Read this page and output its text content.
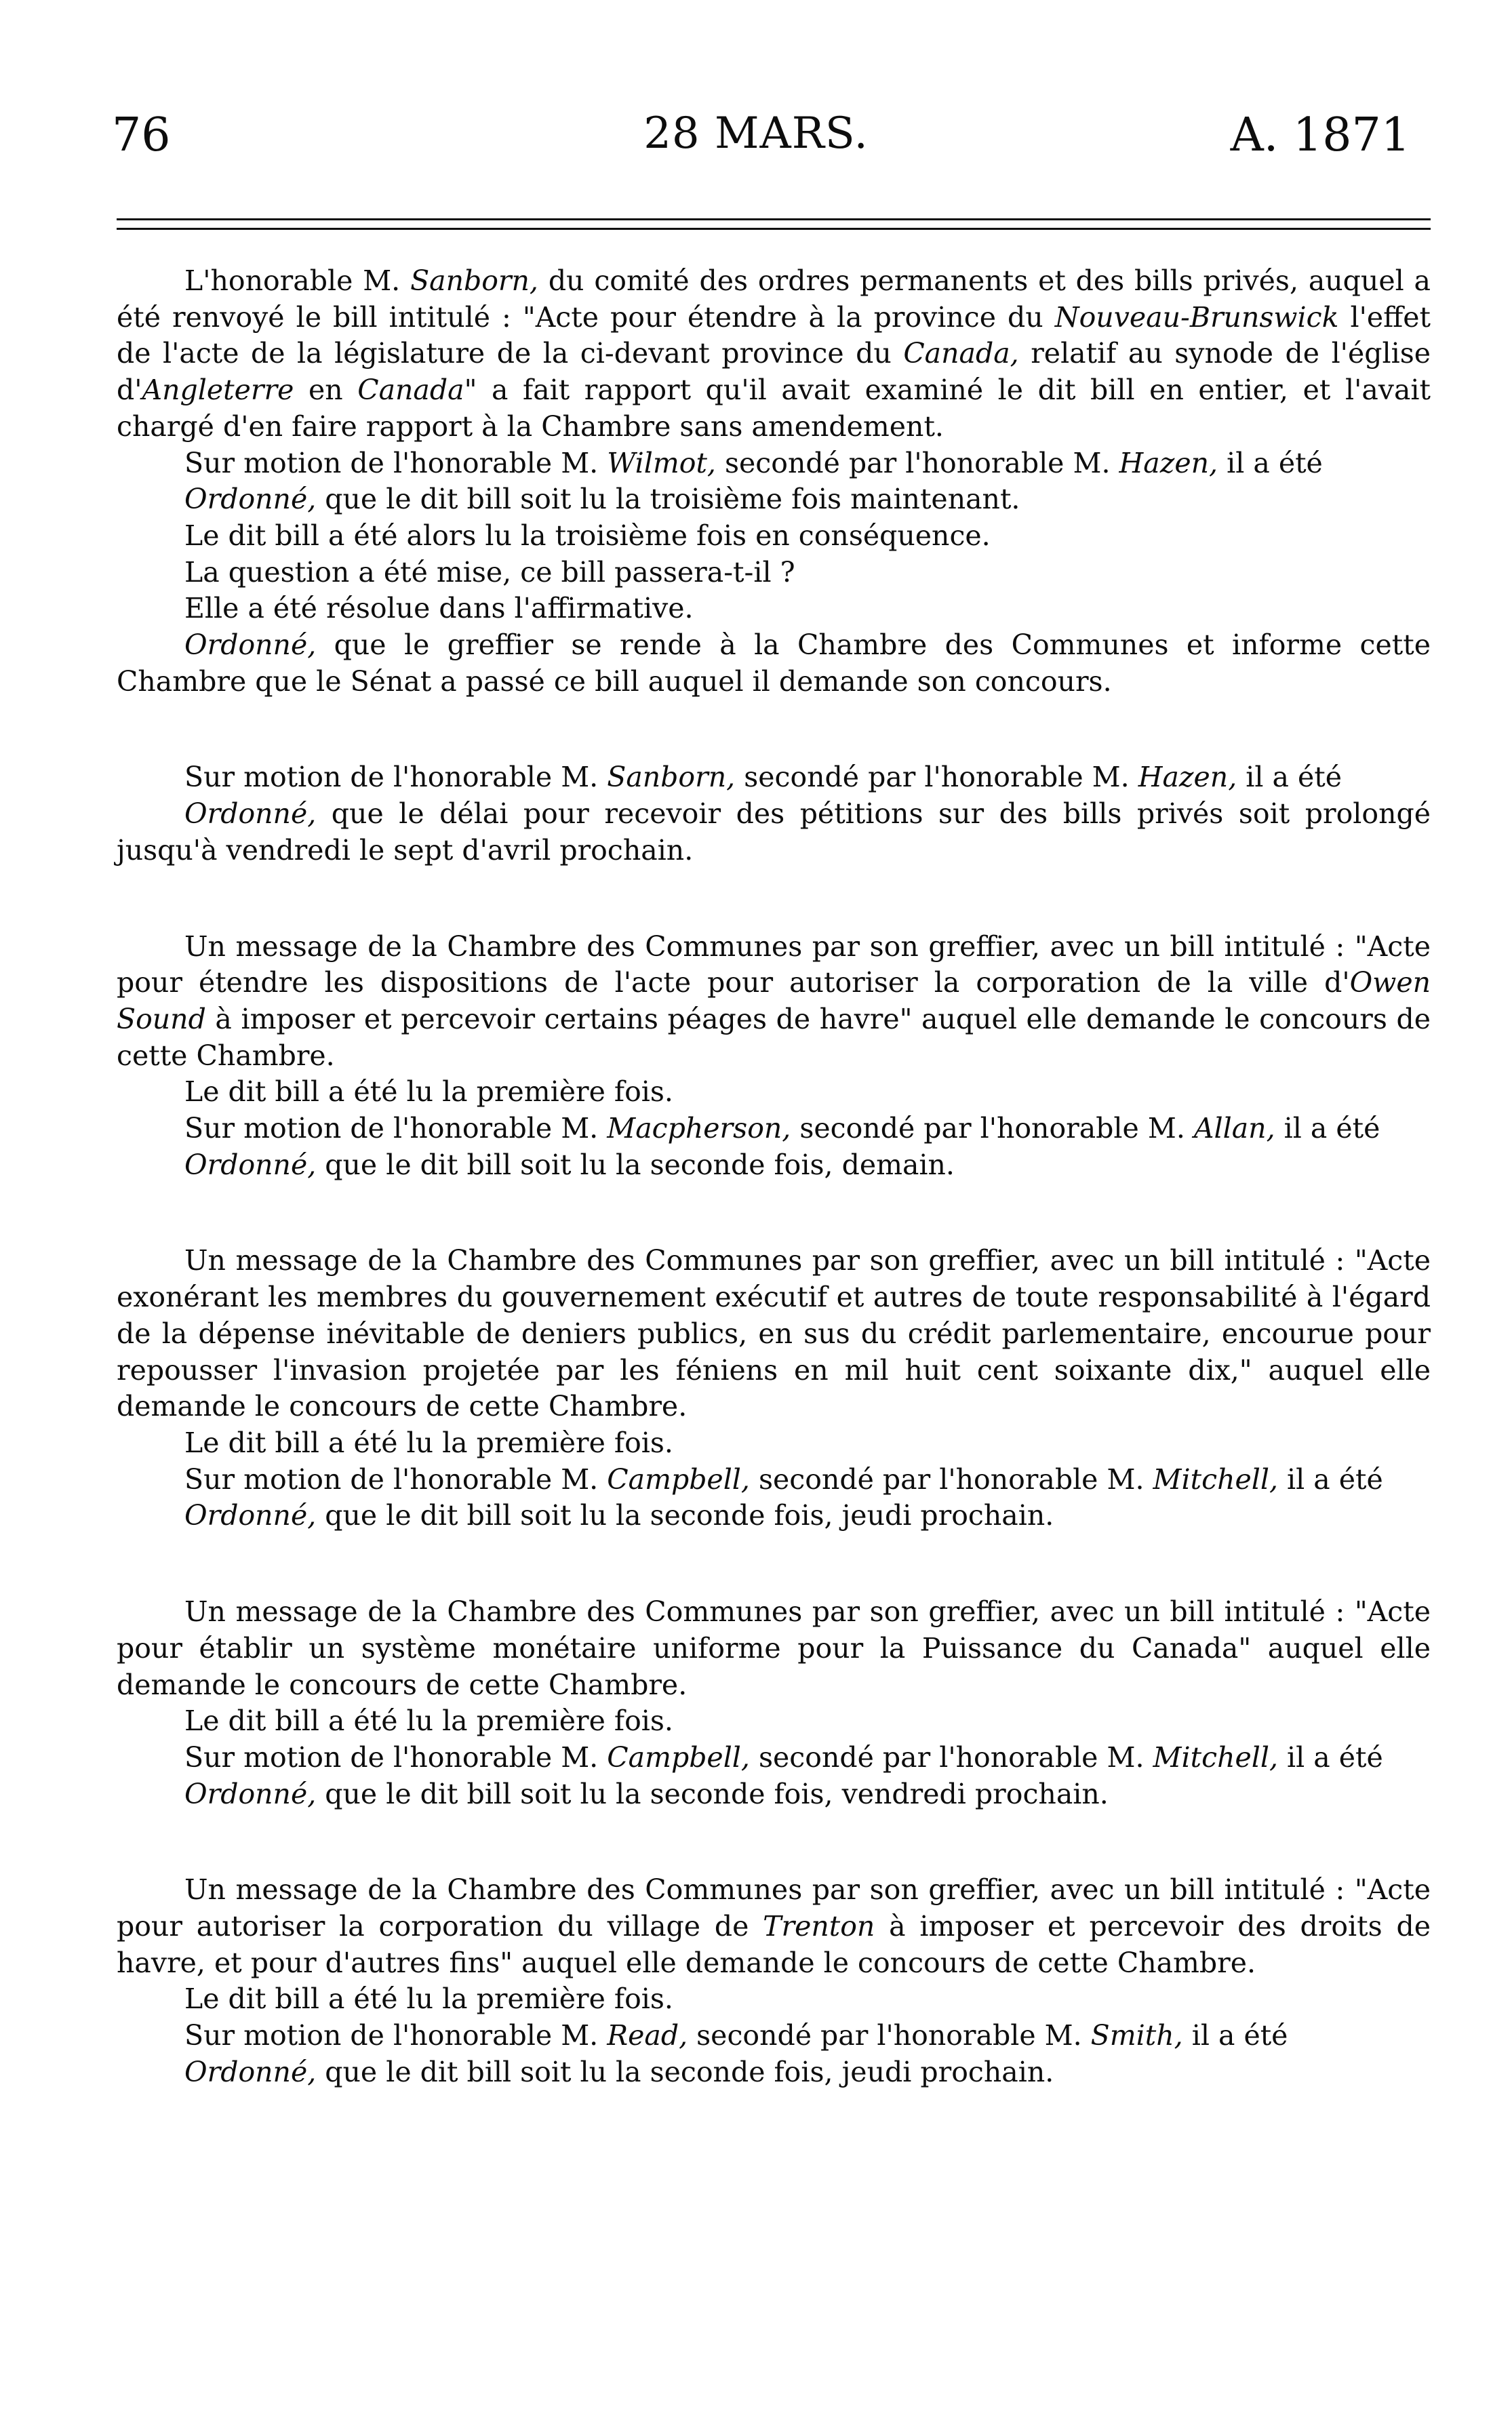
76	28 MARS.	A. 1871

L'honorable M. Sanborn, du comité des ordres permanents et des bills privés, auquel a été renvoyé le bill intitulé : "Acte pour étendre à la province du Nouveau-Brunswick l'effet de l'acte de la législature de la ci-devant province du Canada, relatif au synode de l'église d'Angleterre en Canada" a fait rapport qu'il avait examiné le dit bill en entier, et l'avait chargé d'en faire rapport à la Chambre sans amendement.

Sur motion de l'honorable M. Wilmot, secondé par l'honorable M. Hazen, il a été

Ordonné, que le dit bill soit lu la troisième fois maintenant.

Le dit bill a été alors lu la troisième fois en conséquence.

La question a été mise, ce bill passera-t-il ?

Elle a été résolue dans l'affirmative.

Ordonné, que le greffier se rende à la Chambre des Communes et informe cette Chambre que le Sénat a passé ce bill auquel il demande son concours.

Sur motion de l'honorable M. Sanborn, secondé par l'honorable M. Hazen, il a été

Ordonné, que le délai pour recevoir des pétitions sur des bills privés soit prolongé jusqu'à vendredi le sept d'avril prochain.

Un message de la Chambre des Communes par son greffier, avec un bill intitulé : "Acte pour étendre les dispositions de l'acte pour autoriser la corporation de la ville d'Owen Sound à imposer et percevoir certains péages de havre" auquel elle demande le concours de cette Chambre.

Le dit bill a été lu la première fois.

Sur motion de l'honorable M. Macpherson, secondé par l'honorable M. Allan, il a été

Ordonné, que le dit bill soit lu la seconde fois, demain.

Un message de la Chambre des Communes par son greffier, avec un bill intitulé : "Acte exonérant les membres du gouvernement exécutif et autres de toute responsabilité à l'égard de la dépense inévitable de deniers publics, en sus du crédit parlementaire, encourue pour repousser l'invasion projetée par les féniens en mil huit cent soixante dix," auquel elle demande le concours de cette Chambre.

Le dit bill a été lu la première fois.

Sur motion de l'honorable M. Campbell, secondé par l'honorable M. Mitchell, il a été

Ordonné, que le dit bill soit lu la seconde fois, jeudi prochain.

Un message de la Chambre des Communes par son greffier, avec un bill intitulé : "Acte pour établir un système monétaire uniforme pour la Puissance du Canada" auquel elle demande le concours de cette Chambre.

Le dit bill a été lu la première fois.

Sur motion de l'honorable M. Campbell, secondé par l'honorable M. Mitchell, il a été

Ordonné, que le dit bill soit lu la seconde fois, vendredi prochain.

Un message de la Chambre des Communes par son greffier, avec un bill intitulé : "Acte pour autoriser la corporation du village de Trenton à imposer et percevoir des droits de havre, et pour d'autres fins" auquel elle demande le concours de cette Chambre.

Le dit bill a été lu la première fois.

Sur motion de l'honorable M. Read, secondé par l'honorable M. Smith, il a été

Ordonné, que le dit bill soit lu la seconde fois, jeudi prochain.
